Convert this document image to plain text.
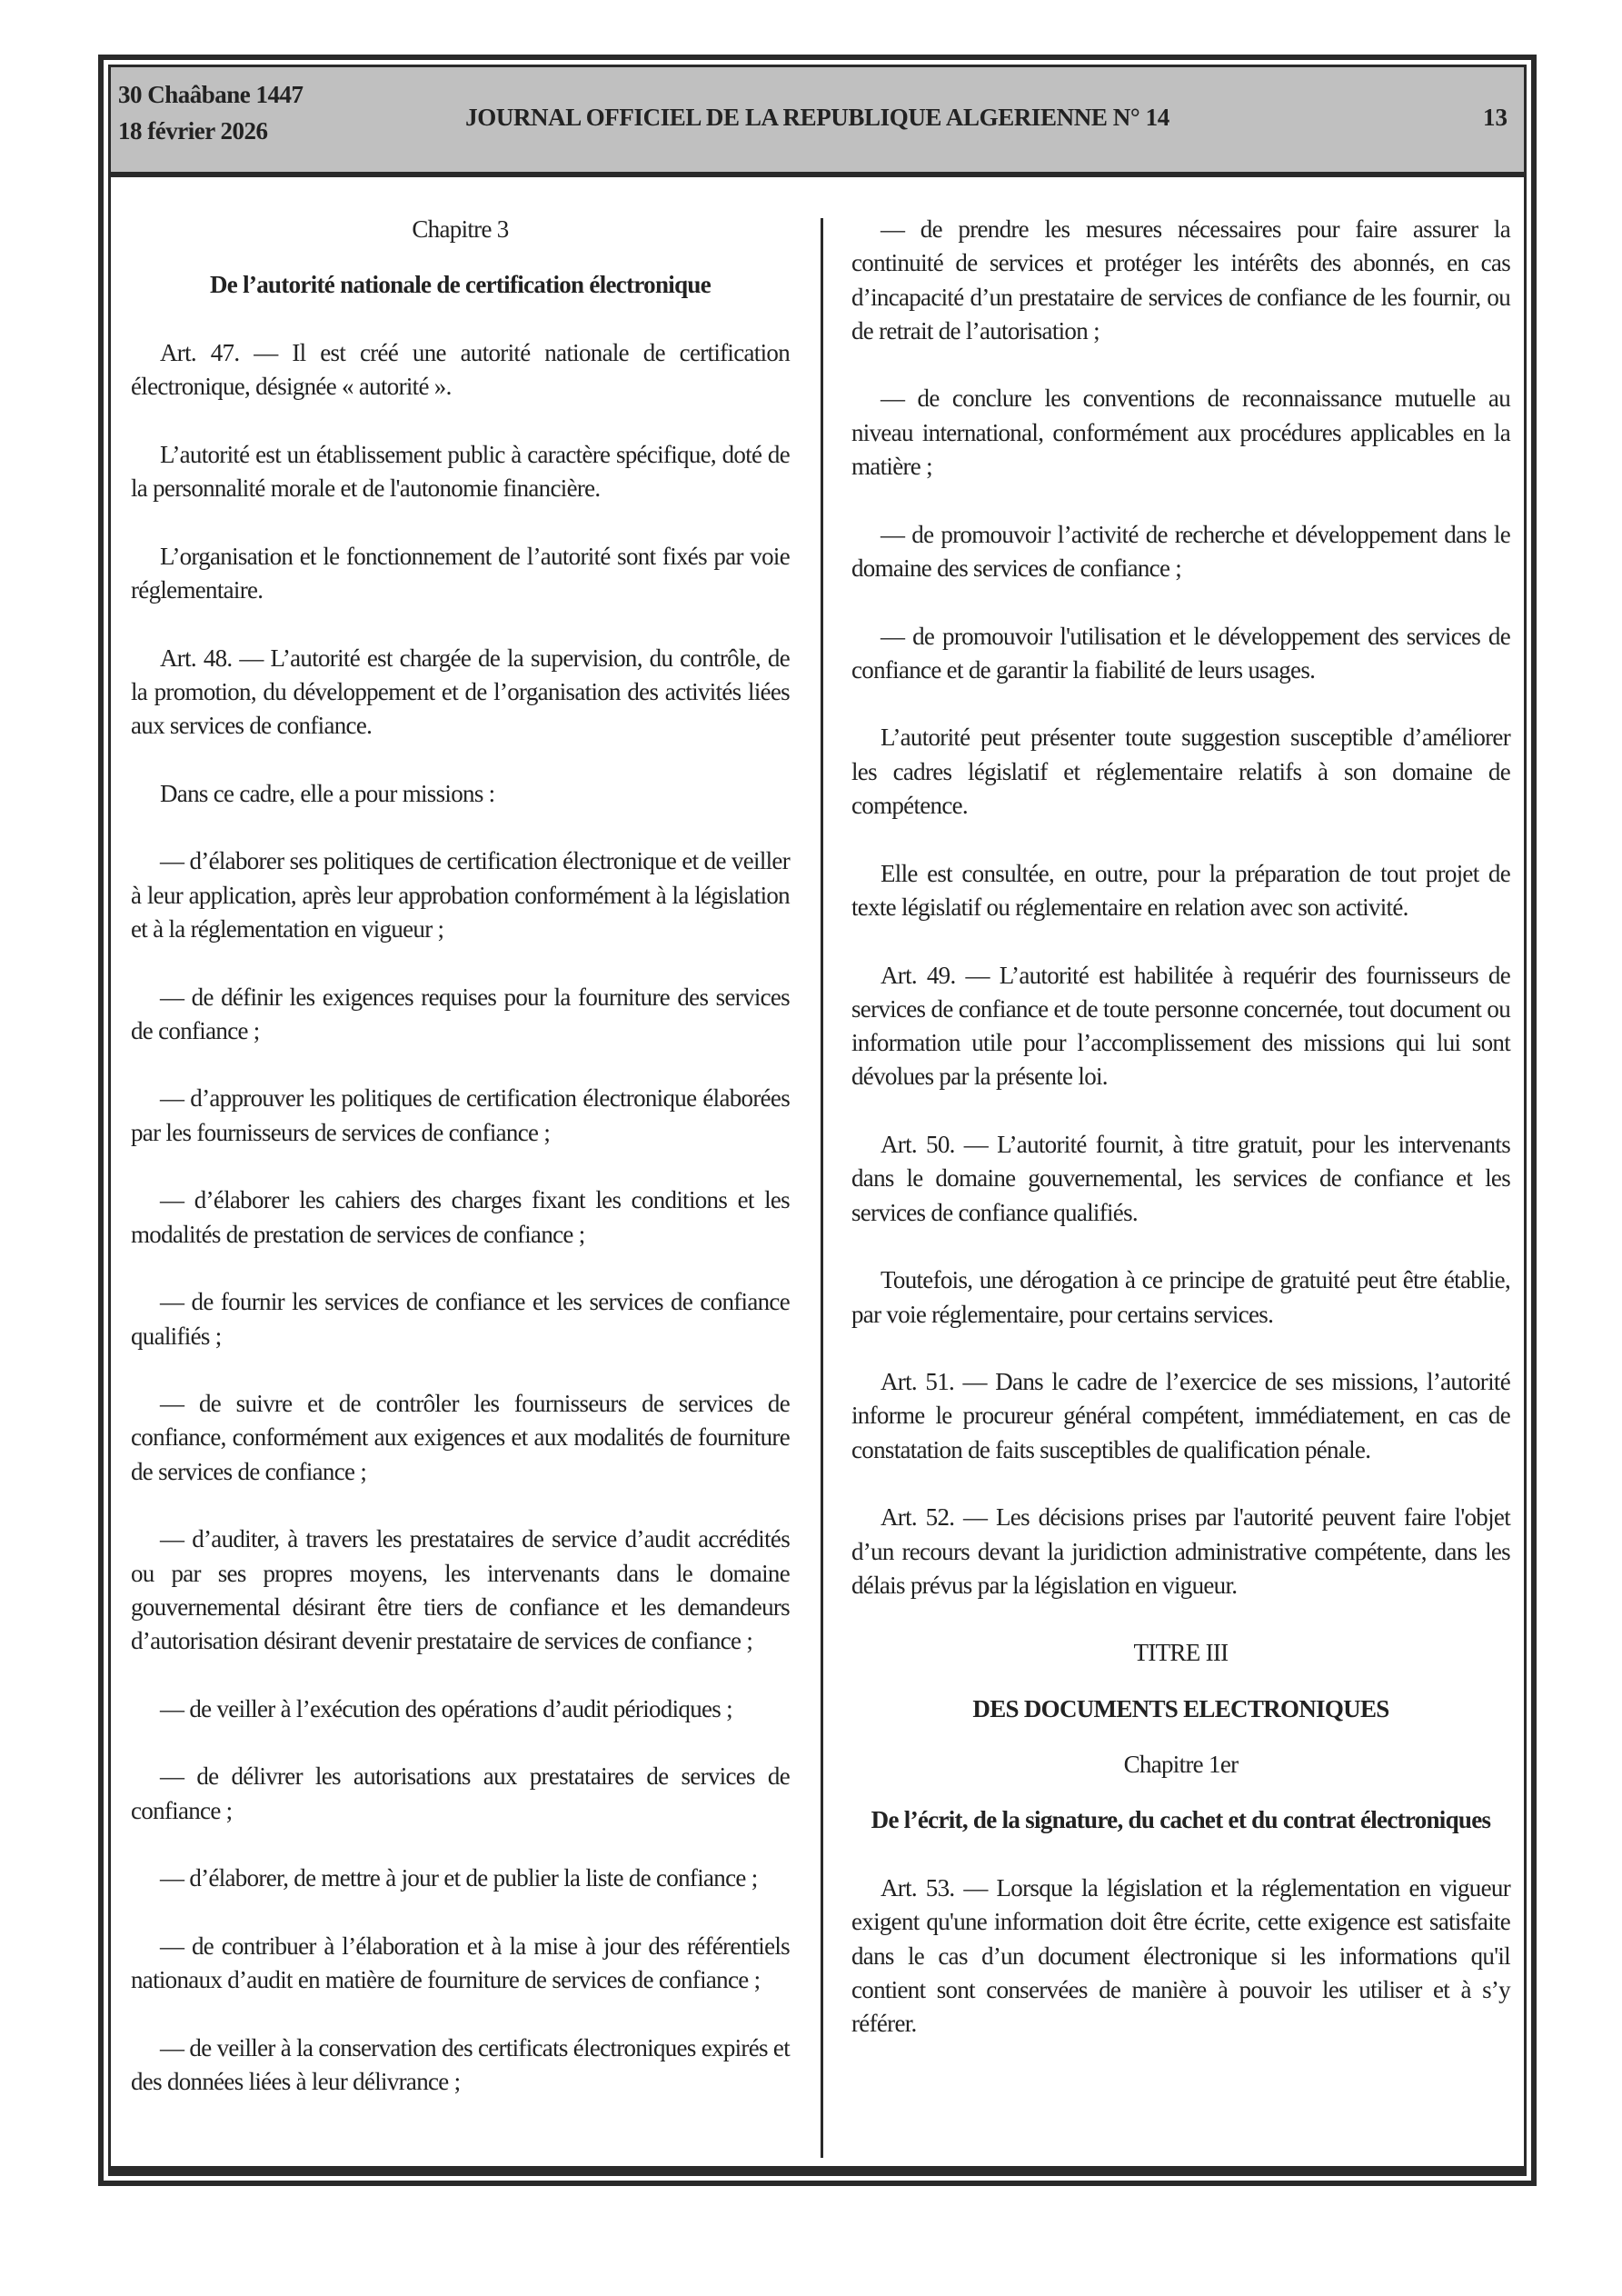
30 Chaâbane 1447
18 février 2026	JOURNAL OFFICIEL DE LA REPUBLIQUE ALGERIENNE N° 14	13

Chapitre 3

De l’autorité nationale de certification électronique

Art. 47. — Il est créé une autorité nationale de certification électronique, désignée « autorité ».

L’autorité est un établissement public à caractère spécifique, doté de la personnalité morale et de l'autonomie financière.

L’organisation et le fonctionnement de l’autorité sont fixés par voie réglementaire.

Art. 48. — L’autorité est chargée de la supervision, du contrôle, de la promotion, du développement et de l’organisation des activités liées aux services de confiance.

Dans ce cadre, elle a pour missions :

— d’élaborer ses politiques de certification électronique et de veiller à leur application, après leur approbation conformément à la législation et à la réglementation en vigueur ;

— de définir les exigences requises pour la fourniture des services de confiance ;

— d’approuver les politiques de certification électronique élaborées par les fournisseurs de services de confiance ;

— d’élaborer les cahiers des charges fixant les conditions et les modalités de prestation de services de confiance ;

— de fournir les services de confiance et les services de confiance qualifiés ;

— de suivre et de contrôler les fournisseurs de services de confiance, conformément aux exigences et aux modalités de fourniture de services de confiance ;

— d’auditer, à travers les prestataires de service d’audit accrédités ou par ses propres moyens, les intervenants dans le domaine gouvernemental désirant être tiers de confiance et les demandeurs d’autorisation désirant devenir prestataire de services de confiance ;

— de veiller à l’exécution des opérations d’audit périodiques ;

— de délivrer les autorisations aux prestataires de services de confiance ;

— d’élaborer, de mettre à jour et de publier la liste de confiance ;

— de contribuer à l’élaboration et à la mise à jour des référentiels nationaux d’audit en matière de fourniture de services de confiance ;

— de veiller à la conservation des certificats électroniques expirés et des données liées à leur délivrance ;

— de prendre les mesures nécessaires pour faire assurer la continuité de services et protéger les intérêts des abonnés, en cas d’incapacité d’un prestataire de services de confiance de les fournir, ou de retrait de l’autorisation ;

— de conclure les conventions de reconnaissance mutuelle au niveau international, conformément aux procédures applicables en la matière ;

— de promouvoir l’activité de recherche et développement dans le domaine des services de confiance ;

— de promouvoir l'utilisation et le développement des services de confiance et de garantir la fiabilité de leurs usages.

L’autorité peut présenter toute suggestion susceptible d’améliorer les cadres législatif et réglementaire relatifs à son domaine de compétence.

Elle est consultée, en outre, pour la préparation de tout projet de texte législatif ou réglementaire en relation avec son activité.

Art. 49. — L’autorité est habilitée à requérir des fournisseurs de services de confiance et de toute personne concernée, tout document ou information utile pour l’accomplissement des missions qui lui sont dévolues par la présente loi.

Art. 50. — L’autorité fournit, à titre gratuit, pour les intervenants dans le domaine gouvernemental, les services de confiance et les services de confiance qualifiés.

Toutefois, une dérogation à ce principe de gratuité peut être établie, par voie réglementaire, pour certains services.

Art. 51. — Dans le cadre de l’exercice de ses missions, l’autorité informe le procureur général compétent, immédiatement, en cas de constatation de faits susceptibles de qualification pénale.

Art. 52. — Les décisions prises par l'autorité peuvent faire l'objet d’un recours devant la juridiction administrative compétente, dans les délais prévus par la législation en vigueur.

TITRE III

DES DOCUMENTS ELECTRONIQUES

Chapitre 1er

De l’écrit, de la signature, du cachet et du contrat électroniques

Art. 53. — Lorsque la législation et la réglementation en vigueur exigent qu'une information doit être écrite, cette exigence est satisfaite dans le cas d’un document électronique si les informations qu'il contient sont conservées de manière à pouvoir les utiliser et à s’y référer.
